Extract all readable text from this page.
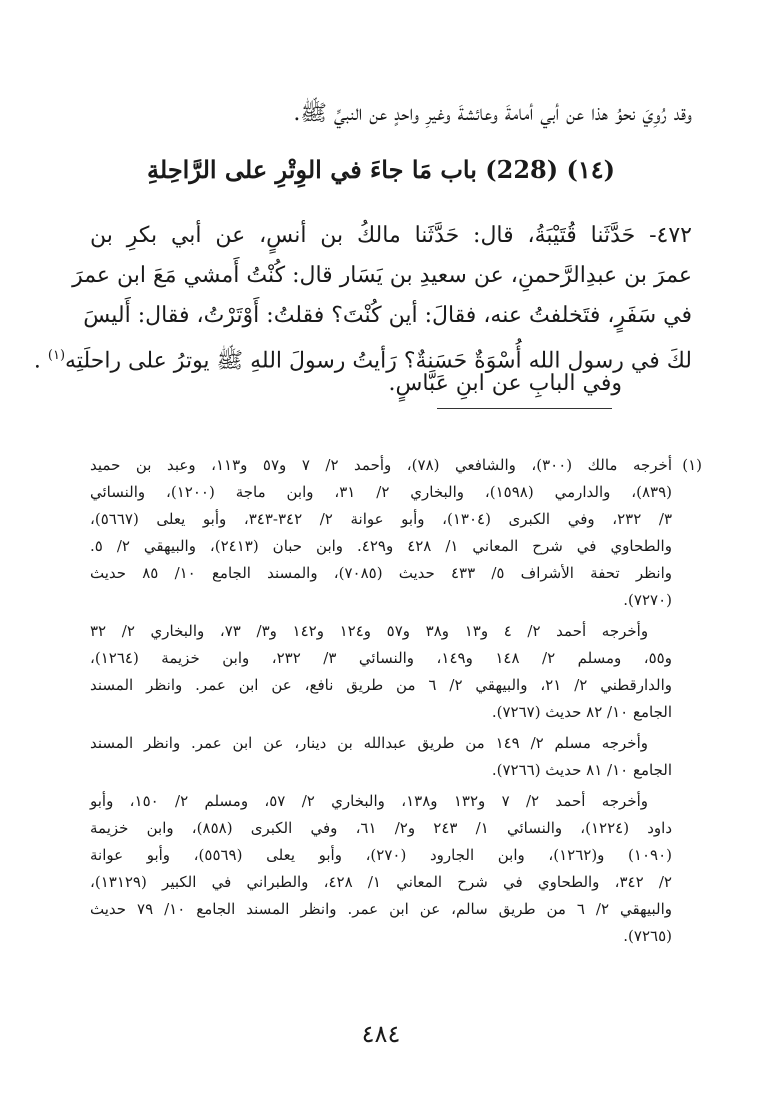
وقد رُوِيَ نحوُ هذا عن أبي أمامةَ وعائشةَ وغيرِ واحدٍ عن النبيِّ ﷺ.
(١٤) (228) باب مَا جاءَ في الوِتْرِ على الرَّاحِلةِ
٤٧٢- حَدَّثَنا قُتَيْبَةُ، قال: حَدَّثَنا مالكُ بن أنسٍ، عن أبي بكرِ بن
عمرَ بن عبدِالرَّحمنِ، عن سعيدِ بن يَسَار قال: كُنْتُ أَمشي مَعَ ابن عمرَ
في سَفَرٍ، فتَخلفتُ عنه، فقالَ: أين كُنْتَ؟ فقلتُ: أَوْتَرْتُ، فقال: أَليسَ
لكَ في رسول الله أُسْوَةٌ حَسَنةٌ؟ رَأيتُ رسولَ اللهِ ﷺ يوترُ على راحلَتِه$^{(١)}$ .
وفي البابِ عن ابنِ عَبَّاسٍ.
(١)
أخرجه مالك (٣٠٠)، والشافعي (٧٨)، وأحمد ٢/ ٧ و٥٧ و١١٣، وعبد بن حميد
(٨٣٩)، والدارمي (١٥٩٨)، والبخاري ٢/ ٣١، وابن ماجة (١٢٠٠)، والنسائي
٣/ ٢٣٢، وفي الكبرى (١٣٠٤)، وأبو عوانة ٢/ ٣٤٢-٣٤٣، وأبو يعلى (٥٦٦٧)،
والطحاوي في شرح المعاني ١/ ٤٢٨ و٤٢٩. وابن حبان (٢٤١٣)، والبيهقي ٢/ ٥.
وانظر تحفة الأشراف ٥/ ٤٣٣ حديث (٧٠٨٥)، والمسند الجامع ١٠/ ٨٥ حديث
(٧٢٧٠).
وأخرجه أحمد ٢/ ٤ و١٣ و٣٨ و٥٧ و١٢٤ و١٤٢ و٣/ ٧٣، والبخاري ٢/ ٣٢
و٥٥، ومسلم ٢/ ١٤٨ و١٤٩، والنسائي ٣/ ٢٣٢، وابن خزيمة (١٢٦٤)،
والدارقطني ٢/ ٢١، والبيهقي ٢/ ٦ من طريق نافع، عن ابن عمر. وانظر المسند
الجامع ١٠/ ٨٢ حديث (٧٢٦٧).
وأخرجه مسلم ٢/ ١٤٩ من طريق عبدالله بن دينار، عن ابن عمر. وانظر المسند
الجامع ١٠/ ٨١ حديث (٧٢٦٦).
وأخرجه أحمد ٢/ ٧ و١٣٢ و١٣٨، والبخاري ٢/ ٥٧، ومسلم ٢/ ١٥٠، وأبو
داود (١٢٢٤)، والنسائي ١/ ٢٤٣ و٢/ ٦١، وفي الكبرى (٨٥٨)، وابن خزيمة
(١٠٩٠) و(١٢٦٢)، وابن الجارود (٢٧٠)، وأبو يعلى (٥٥٦٩)، وأبو عوانة
٢/ ٣٤٢، والطحاوي في شرح المعاني ١/ ٤٢٨، والطبراني في الكبير (١٣١٢٩)،
والبيهقي ٢/ ٦ من طريق سالم، عن ابن عمر. وانظر المسند الجامع ١٠/ ٧٩ حديث
(٧٢٦٥).
٤٨٤
